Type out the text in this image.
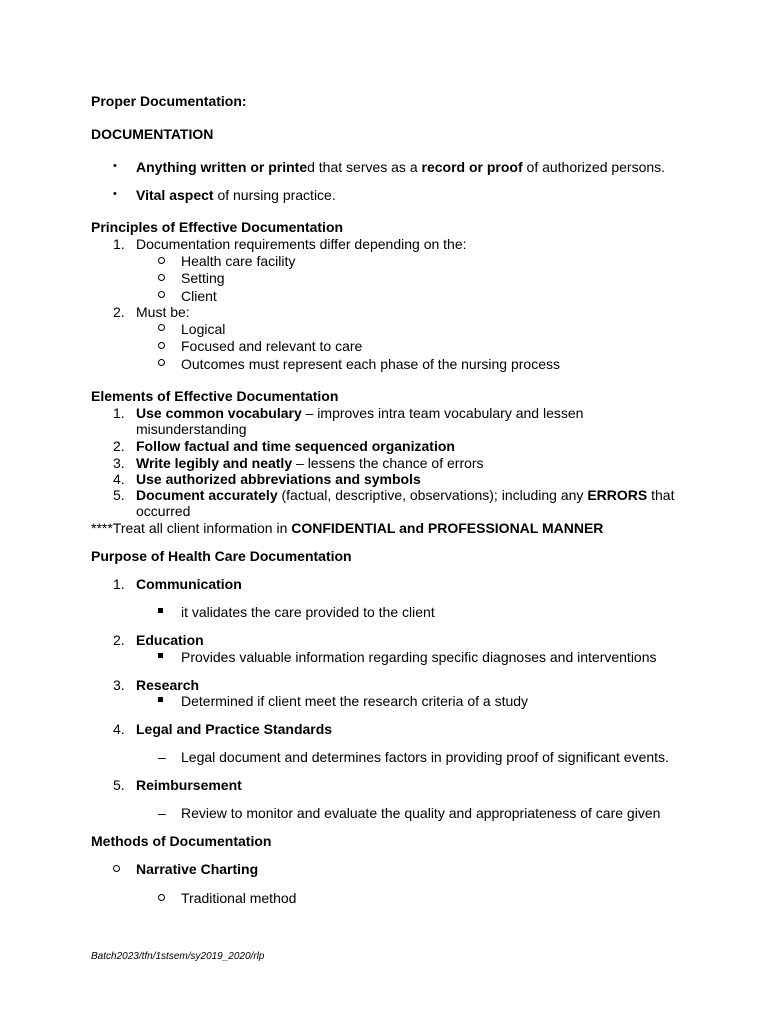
Proper Documentation:
DOCUMENTATION
• Anything written or printed that serves as a record or proof of authorized persons.
• Vital aspect of nursing practice.
Principles of Effective Documentation
1. Documentation requirements differ depending on the:
Health care facility
Setting
Client
2. Must be:
Logical
Focused and relevant to care
Outcomes must represent each phase of the nursing process
Elements of Effective Documentation
1. Use common vocabulary – improves intra team vocabulary and lessen
misunderstanding
2. Follow factual and time sequenced organization
3. Write legibly and neatly – lessens the chance of errors
4. Use authorized abbreviations and symbols
5. Document accurately (factual, descriptive, observations); including any ERRORS that
occurred
****Treat all client information in CONFIDENTIAL and PROFESSIONAL MANNER
Purpose of Health Care Documentation
1. Communication
it validates the care provided to the client
2. Education
Provides valuable information regarding specific diagnoses and interventions
3. Research
Determined if client meet the research criteria of a study
4. Legal and Practice Standards
– Legal document and determines factors in providing proof of significant events.
5. Reimbursement
– Review to monitor and evaluate the quality and appropriateness of care given
Methods of Documentation
Narrative Charting
Traditional method
Batch2023/tfn/1stsem/sy2019_2020/rlp
